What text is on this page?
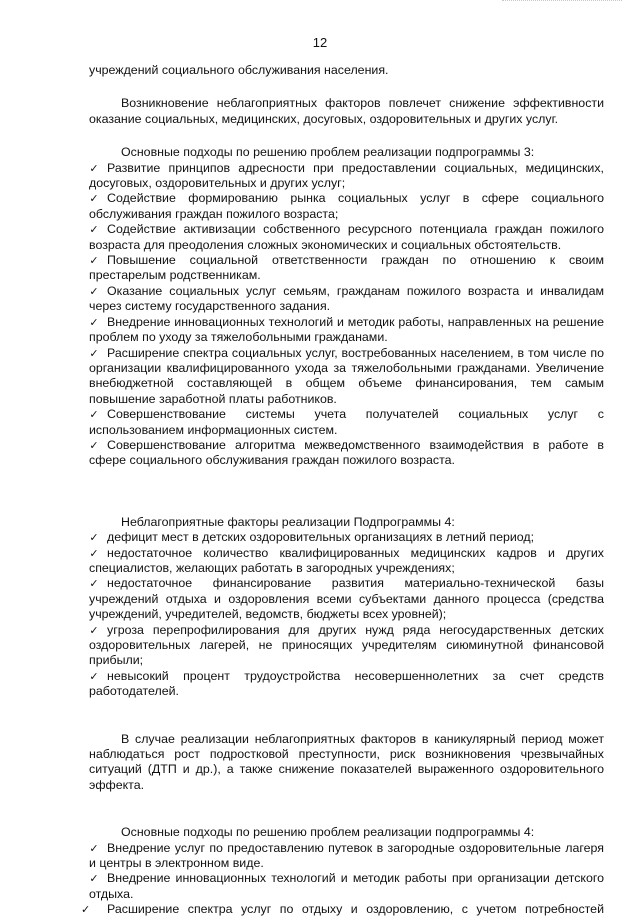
12

учреждений социального обслуживания населения.

Возникновение неблагоприятных факторов повлечет снижение эффективности оказание социальных, медицинских, досуговых, оздоровительных и других услуг.

Основные подходы по решению проблем реализации подпрограммы 3:

✓ Развитие принципов адресности при предоставлении социальных, медицинских, досуговых, оздоровительных и других услуг;

✓ Содействие формированию рынка социальных услуг в сфере социального обслуживания граждан пожилого возраста;

✓ Содействие активизации собственного ресурсного потенциала граждан пожилого возраста для преодоления сложных экономических и социальных обстоятельств.

✓ Повышение социальной ответственности граждан по отношению к своим престарелым родственникам.

✓ Оказание социальных услуг семьям, гражданам пожилого возраста и инвалидам через систему государственного задания.

✓ Внедрение инновационных технологий и методик работы, направленных на решение проблем по уходу за тяжелобольными гражданами.

✓ Расширение спектра социальных услуг, востребованных населением, в том числе по организации квалифицированного ухода за тяжелобольными гражданами. Увеличение внебюджетной составляющей в общем объеме финансирования, тем самым повышение заработной платы работников.

✓ Совершенствование системы учета получателей социальных услуг с использованием информационных систем.

✓ Совершенствование алгоритма межведомственного взаимодействия в работе в сфере социального обслуживания граждан пожилого возраста.

Неблагоприятные факторы реализации Подпрограммы 4:

✓ дефицит мест в детских оздоровительных организациях в летний период;

✓ недостаточное количество квалифицированных медицинских кадров и других специалистов, желающих работать в загородных учреждениях;

✓ недостаточное финансирование развития материально-технической базы учреждений отдыха и оздоровления всеми субъектами данного процесса (средства учреждений, учредителей, ведомств, бюджеты всех уровней);

✓ угроза перепрофилирования для других нужд ряда негосударственных детских оздоровительных лагерей, не приносящих учредителям сиюминутной финансовой прибыли;

✓ невысокий процент трудоустройства несовершеннолетних за счет средств работодателей.

В случае реализации неблагоприятных факторов в каникулярный период может наблюдаться рост подростковой преступности, риск возникновения чрезвычайных ситуаций (ДТП и др.), а также снижение показателей выраженного оздоровительного эффекта.

Основные подходы по решению проблем реализации подпрограммы 4:

✓ Внедрение услуг по предоставлению путевок в загородные оздоровительные лагеря и центры в электронном виде.

✓ Внедрение инновационных технологий и методик работы при организации детского отдыха.

✓ Расширение спектра услуг по отдыху и оздоровлению, с учетом потребностей
